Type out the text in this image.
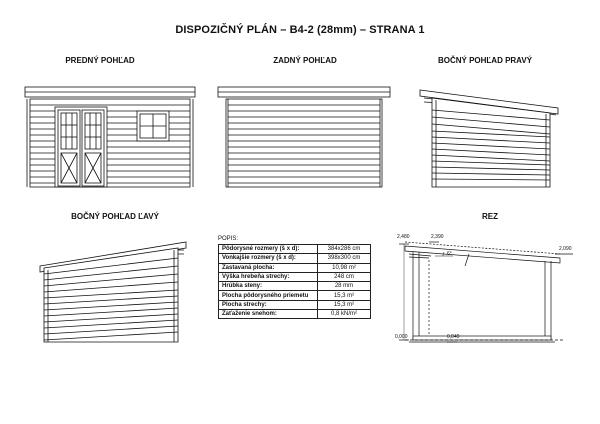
DISPOZIČNÝ PLÁN – B4-2 (28mm) – STRANA 1
PREDNÝ POHĽAD	ZADNÝ POHĽAD	BOČNÝ POHĽAD PRAVÝ
BOČNÝ POHĽAD ĽAVÝ	REZ
POPIS:
Pôdorysné rozmery (š x d):	384x286 cm
Vonkajšie rozmery (š x d):	398x300 cm
Zastavaná plocha:	10,98 m²
Výška hrebeňa strechy:	248 cm
Hrúbka steny:	28 mm
Plocha pôdorysného priemetu	15,3 m²
Plocha strechy:	15,3 m²
Zaťaženie snehom:	0,8 kN/m²
2,480	2,390
2,090
0,000	0,049
6°
